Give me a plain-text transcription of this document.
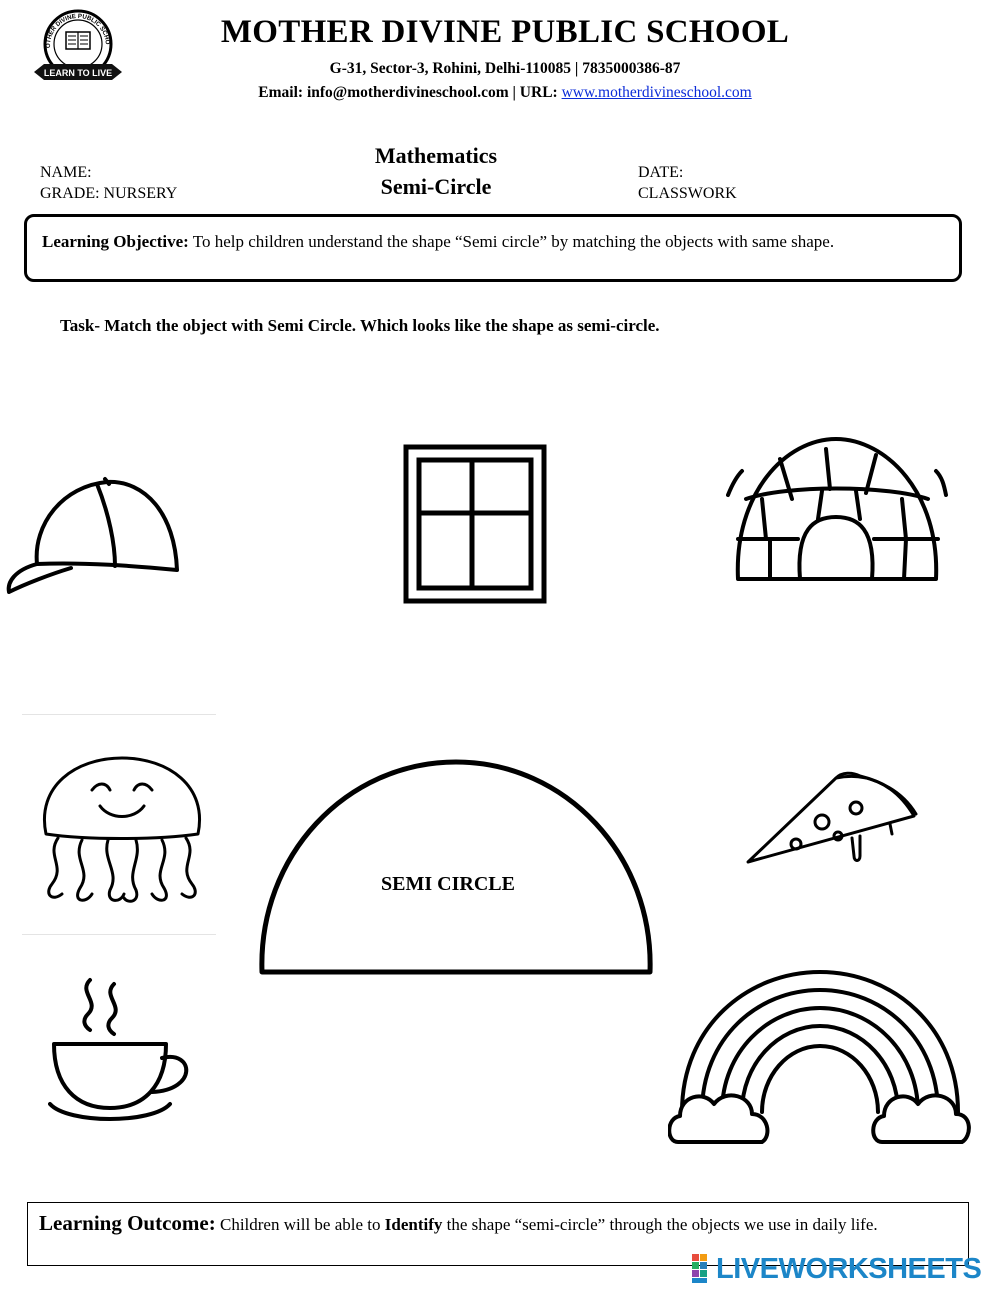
OTHER DIVINE PUBLIC SCHO
LEARN TO LIVE
MOTHER DIVINE PUBLIC SCHOOL
G-31, Sector-3, Rohini, Delhi-110085 | 7835000386-87
Email: info@motherdivineschool.com | URL: www.motherdivineschool.com
NAME:
GRADE: NURSERY
Mathematics
Semi-Circle
DATE:
CLASSWORK
Learning Objective: To help children understand the shape “Semi circle” by matching the objects with same shape.
Task- Match the object with Semi Circle. Which looks like the shape as semi-circle.
SEMI CIRCLE
Learning Outcome: Children will be able to Identify the shape “semi-circle” through the objects we use in daily life.
LIVEWORKSHEETS
